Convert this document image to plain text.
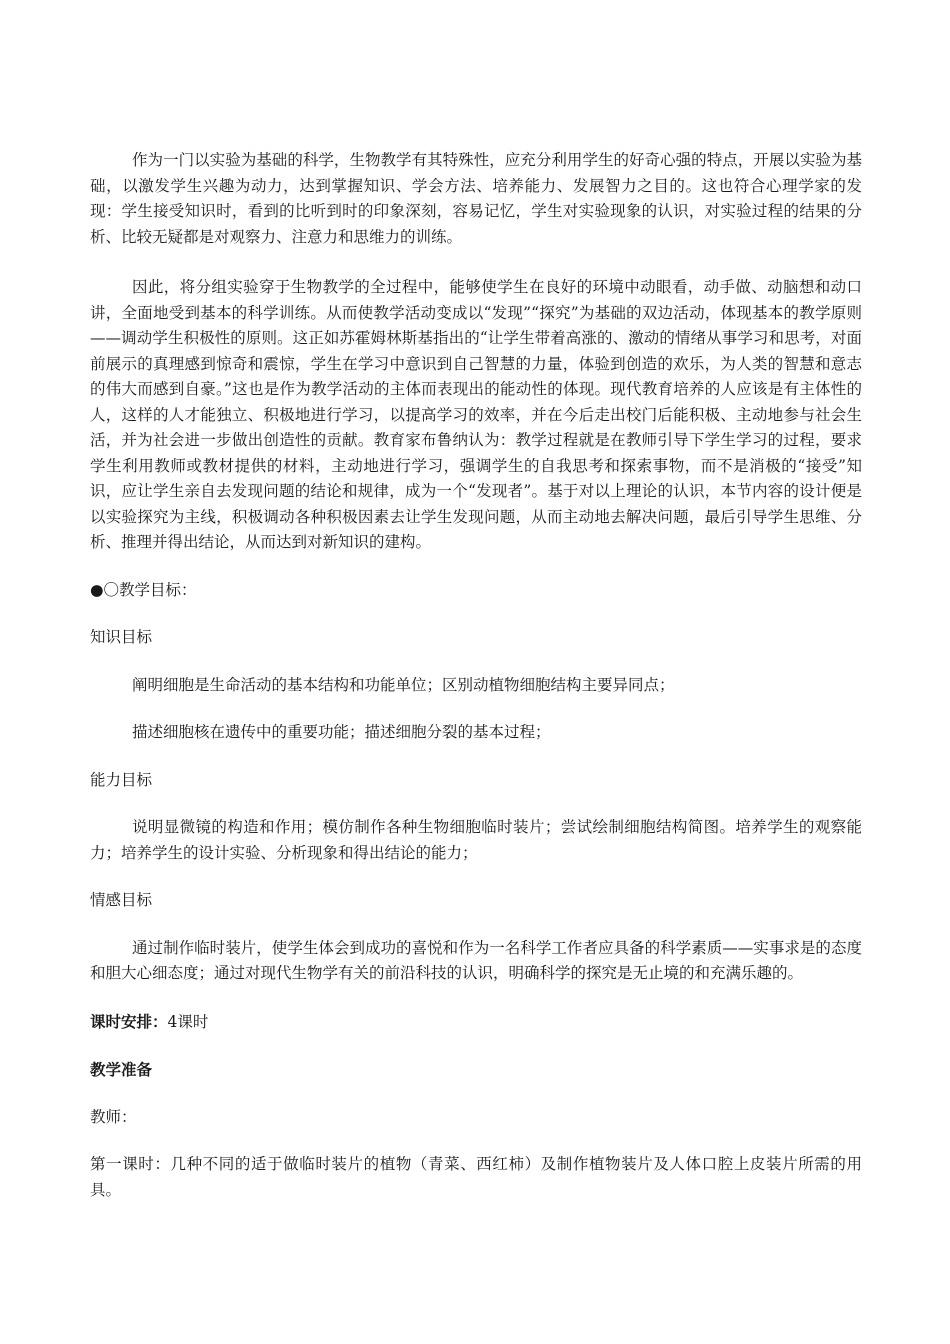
作为一门以实验为基础的科学，生物教学有其特殊性，应充分利用学生的好奇心强的特点，开展以实验为基础，以激发学生兴趣为动力，达到掌握知识、学会方法、培养能力、发展智力之目的。这也符合心理学家的发现：学生接受知识时，看到的比听到时的印象深刻，容易记忆，学生对实验现象的认识，对实验过程的结果的分析、比较无疑都是对观察力、注意力和思维力的训练。

因此，将分组实验穿于生物教学的全过程中，能够使学生在良好的环境中动眼看，动手做、动脑想和动口讲，全面地受到基本的科学训练。从而使教学活动变成以“发现”“探究”为基础的双边活动，体现基本的教学原则——调动学生积极性的原则。这正如苏霍姆林斯基指出的“让学生带着高涨的、激动的情绪从事学习和思考，对面前展示的真理感到惊奇和震惊，学生在学习中意识到自己智慧的力量，体验到创造的欢乐，为人类的智慧和意志的伟大而感到自豪。”这也是作为教学活动的主体而表现出的能动性的体现。现代教育培养的人应该是有主体性的人，这样的人才能独立、积极地进行学习，以提高学习的效率，并在今后走出校门后能积极、主动地参与社会生活，并为社会进一步做出创造性的贡献。教育家布鲁纳认为：教学过程就是在教师引导下学生学习的过程，要求学生利用教师或教材提供的材料，主动地进行学习，强调学生的自我思考和探索事物，而不是消极的“接受”知识，应让学生亲自去发现问题的结论和规律，成为一个“发现者”。基于对以上理论的认识，本节内容的设计便是以实验探究为主线，积极调动各种积极因素去让学生发现问题，从而主动地去解决问题，最后引导学生思维、分析、推理并得出结论，从而达到对新知识的建构。

●〇教学目标：

知识目标

阐明细胞是生命活动的基本结构和功能单位；区别动植物细胞结构主要异同点；

描述细胞核在遗传中的重要功能；描述细胞分裂的基本过程；

能力目标

说明显微镜的构造和作用；模仿制作各种生物细胞临时装片；尝试绘制细胞结构简图。培养学生的观察能力；培养学生的设计实验、分析现象和得出结论的能力；

情感目标

通过制作临时装片，使学生体会到成功的喜悦和作为一名科学工作者应具备的科学素质——实事求是的态度和胆大心细态度；通过对现代生物学有关的前沿科技的认识，明确科学的探究是无止境的和充满乐趣的。

课时安排：4课时

教学准备

教师：

第一课时：几种不同的适于做临时装片的植物（青菜、西红柿）及制作植物装片及人体口腔上皮装片所需的用具。
